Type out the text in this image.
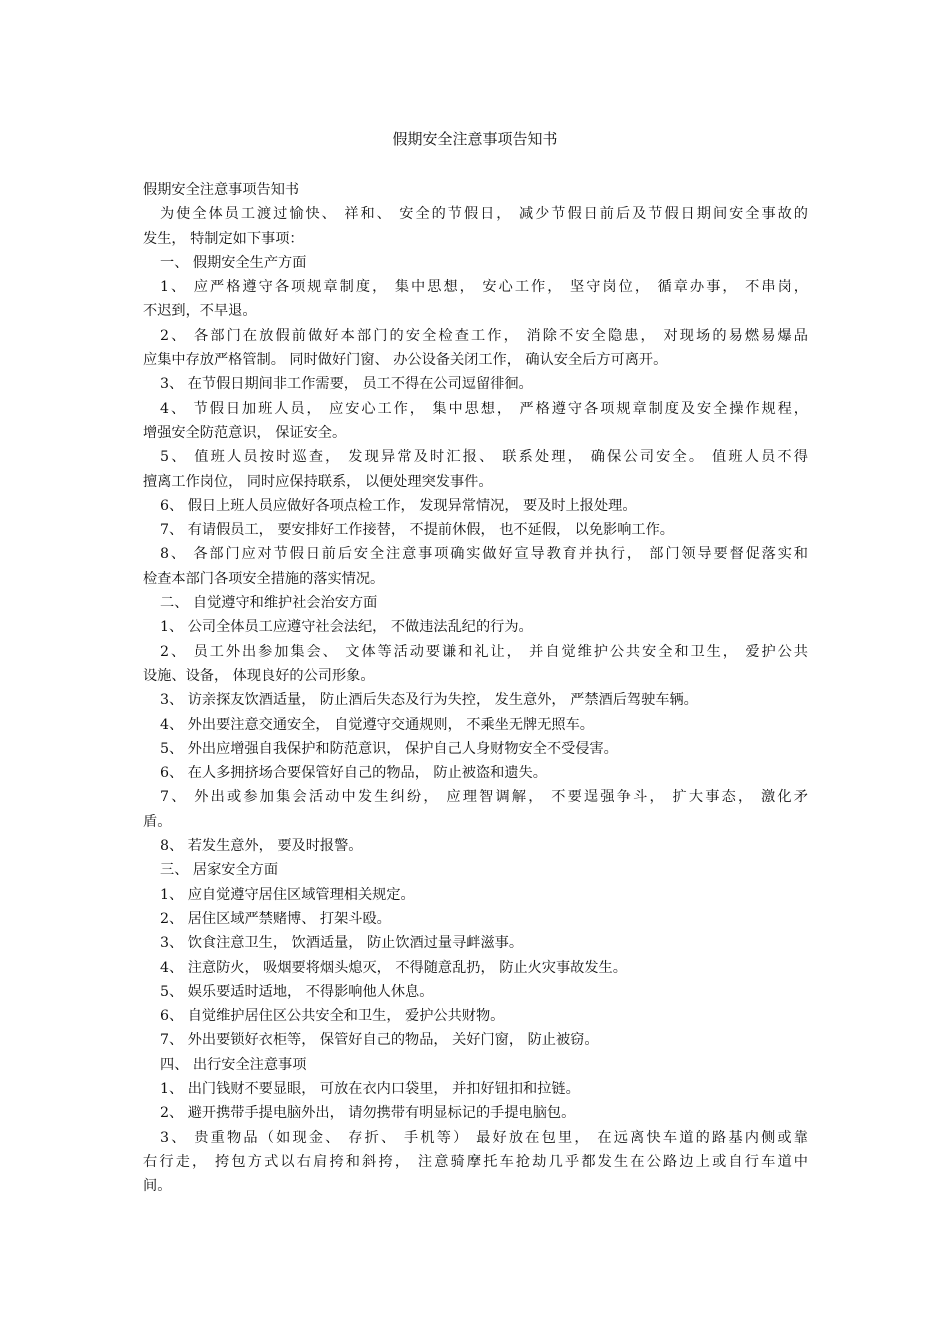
假期安全注意事项告知书
假期安全注意事项告知书
为使全体员工渡过愉快、 祥和、 安全的节假日， 减少节假日前后及节假日期间安全事故的
发生， 特制定如下事项：
一、 假期安全生产方面
1、 应严格遵守各项规章制度， 集中思想， 安心工作， 坚守岗位， 循章办事， 不串岗，
不迟到，不早退。
2、 各部门在放假前做好本部门的安全检查工作， 消除不安全隐患， 对现场的易燃易爆品
应集中存放严格管制。 同时做好门窗、 办公设备关闭工作， 确认安全后方可离开。
3、 在节假日期间非工作需要， 员工不得在公司逗留徘徊。
4、 节假日加班人员， 应安心工作， 集中思想， 严格遵守各项规章制度及安全操作规程，
增强安全防范意识， 保证安全。
5、 值班人员按时巡查， 发现异常及时汇报、 联系处理， 确保公司安全。 值班人员不得
擅离工作岗位， 同时应保持联系， 以便处理突发事件。
6、 假日上班人员应做好各项点检工作， 发现异常情况， 要及时上报处理。
7、 有请假员工， 要安排好工作接替， 不提前休假， 也不延假， 以免影响工作。
8、 各部门应对节假日前后安全注意事项确实做好宣导教育并执行， 部门领导要督促落实和
检查本部门各项安全措施的落实情况。
二、 自觉遵守和维护社会治安方面
1、 公司全体员工应遵守社会法纪， 不做违法乱纪的行为。
2、 员工外出参加集会、 文体等活动要谦和礼让， 并自觉维护公共安全和卫生， 爱护公共
设施、设备， 体现良好的公司形象。
3、 访亲探友饮酒适量， 防止酒后失态及行为失控， 发生意外， 严禁酒后驾驶车辆。
4、 外出要注意交通安全， 自觉遵守交通规则， 不乘坐无牌无照车。
5、 外出应增强自我保护和防范意识， 保护自己人身财物安全不受侵害。
6、 在人多拥挤场合要保管好自己的物品， 防止被盗和遗失。
7、 外出或参加集会活动中发生纠纷， 应理智调解， 不要逞强争斗， 扩大事态， 激化矛
盾。
8、 若发生意外， 要及时报警。
三、 居家安全方面
1、 应自觉遵守居住区域管理相关规定。
2、 居住区域严禁赌博、 打架斗殴。
3、 饮食注意卫生， 饮酒适量， 防止饮酒过量寻衅滋事。
4、 注意防火， 吸烟要将烟头熄灭， 不得随意乱扔， 防止火灾事故发生。
5、 娱乐要适时适地， 不得影响他人休息。
6、 自觉维护居住区公共安全和卫生， 爱护公共财物。
7、 外出要锁好衣柜等， 保管好自己的物品， 关好门窗， 防止被窃。
四、 出行安全注意事项
1、 出门钱财不要显眼， 可放在衣内口袋里， 并扣好钮扣和拉链。
2、 避开携带手提电脑外出， 请勿携带有明显标记的手提电脑包。
3、 贵重物品（如现金、 存折、 手机等） 最好放在包里， 在远离快车道的路基内侧或靠
右行走， 挎包方式以右肩挎和斜挎， 注意骑摩托车抢劫几乎都发生在公路边上或自行车道中
间。
